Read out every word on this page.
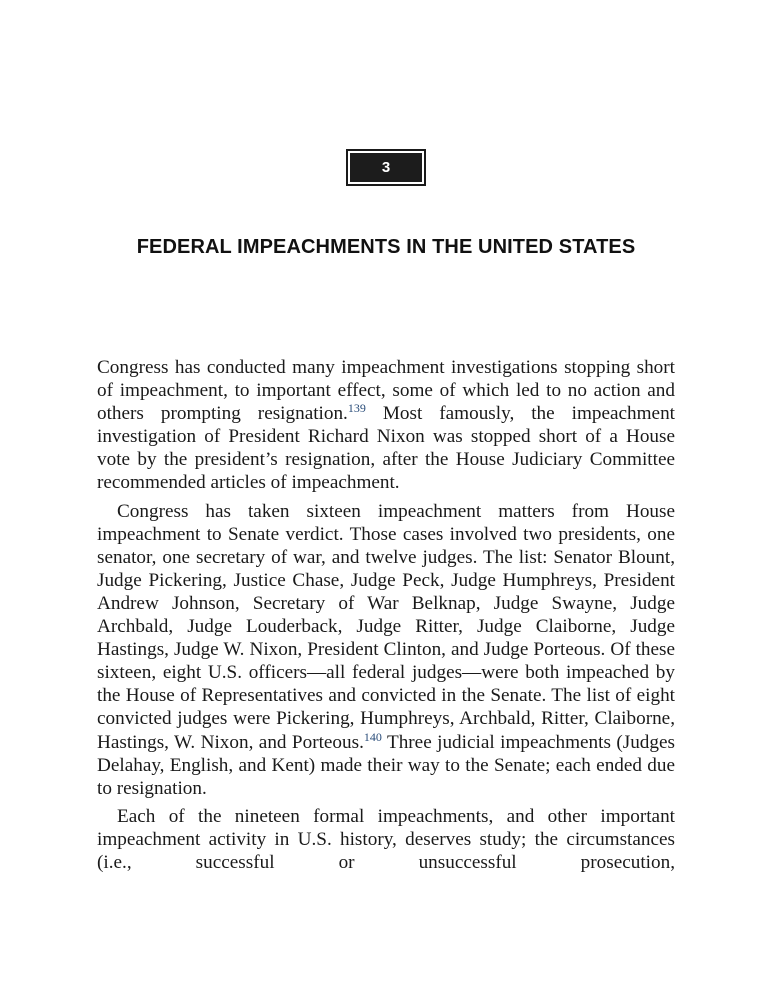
3
FEDERAL IMPEACHMENTS IN THE UNITED STATES

Congress has conducted many impeachment investigations stopping short of impeachment, to important effect, some of which led to no action and others prompting resignation.$^{139}$ Most famously, the impeachment investigation of President Richard Nixon was stopped short of a House vote by the president’s resignation, after the House Judiciary Committee recommended articles of impeachment.

Congress has taken sixteen impeachment matters from House impeachment to Senate verdict. Those cases involved two presidents, one senator, one secretary of war, and twelve judges. The list: Senator Blount, Judge Pickering, Justice Chase, Judge Peck, Judge Humphreys, President Andrew Johnson, Secretary of War Belknap, Judge Swayne, Judge Archbald, Judge Louderback, Judge Ritter, Judge Claiborne, Judge Hastings, Judge W. Nixon, President Clinton, and Judge Porteous. Of these sixteen, eight U.S. officers—all federal judges—were both impeached by the House of Representatives and convicted in the Senate. The list of eight convicted judges were Pickering, Humphreys, Archbald, Ritter, Claiborne, Hastings, W. Nixon, and Porteous.$^{140}$ Three judicial impeachments (Judges Delahay, English, and Kent) made their way to the Senate; each ended due to resignation.

Each of the nineteen formal impeachments, and other important impeachment activity in U.S. history, deserves study; the circumstances (i.e., successful or unsuccessful prosecution,
